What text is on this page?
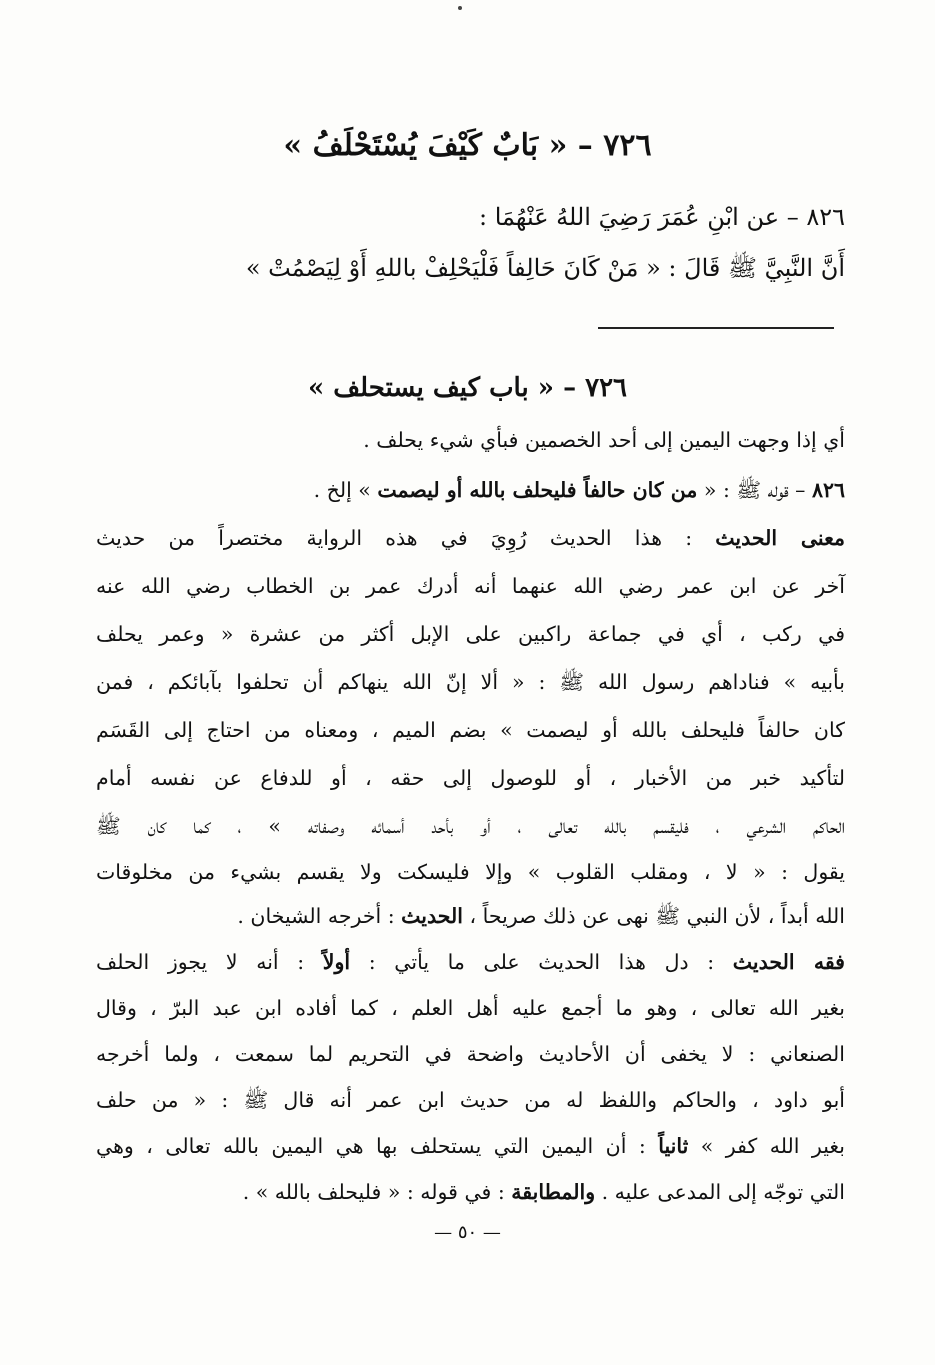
٧٢٦ – « بَابٌ كَيْفَ يُسْتَحْلَفُ »
٨٢٦ – عن ابْنِ عُمَرَ رَضِيَ اللهُ عَنْهُمَا :
أَنَّ النَّبِيَّ ﷺ قَالَ : « مَنْ كَانَ حَالِفاً فَلْيَحْلِفْ باللهِ أَوْ لِيَصْمُتْ »
٧٢٦ – « باب كيف يستحلف »
أي إذا وجهت اليمين إلى أحد الخصمين فبأي شيء يحلف .
٨٢٦ – قوله ﷺ : « من كان حالفاً فليحلف بالله أو ليصمت » إلخ .
معنى الحديث : هذا الحديث رُوِيَ في هذه الرواية مختصراً من حديث
آخر عن ابن عمر رضي الله عنهما أنه أدرك عمر بن الخطاب رضي الله عنه
في ركب ، أي في جماعة راكبين على الإبل أكثر من عشرة « وعمر يحلف
بأبيه » فناداهم رسول الله ﷺ : « ألا إنّ الله ينهاكم أن تحلفوا بآبائكم ، فمن
كان حالفاً فليحلف بالله أو ليصمت » بضم الميم ، ومعناه من احتاج إلى القَسَم
لتأكيد خبر من الأخبار ، أو للوصول إلى حقه ، أو للدفاع عن نفسه أمام
الحاكم الشرعي ، فليقسم بالله تعالى ، أو بأحد أسمائه وصفاته » ، كما كان ﷺ
يقول : « لا ، ومقلب القلوب » وإلا فليسكت ولا يقسم بشيء من مخلوقات
الله أبداً ، لأن النبي ﷺ نهى عن ذلك صريحاً ، الحديث : أخرجه الشيخان .
فقه الحديث : دل هذا الحديث على ما يأتي : أولاً : أنه لا يجوز الحلف
بغير الله تعالى ، وهو ما أجمع عليه أهل العلم ، كما أفاده ابن عبد البرّ ، وقال
الصنعاني : لا يخفى أن الأحاديث واضحة في التحريم لما سمعت ، ولما أخرجه
أبو داود ، والحاكم واللفظ له من حديث ابن عمر أنه قال ﷺ : « من حلف
بغير الله كفر » ثانياً : أن اليمين التي يستحلف بها هي اليمين بالله تعالى ، وهي
التي توجّه إلى المدعى عليه . والمطابقة : في قوله : « فليحلف بالله » .
— ٥٠ —
